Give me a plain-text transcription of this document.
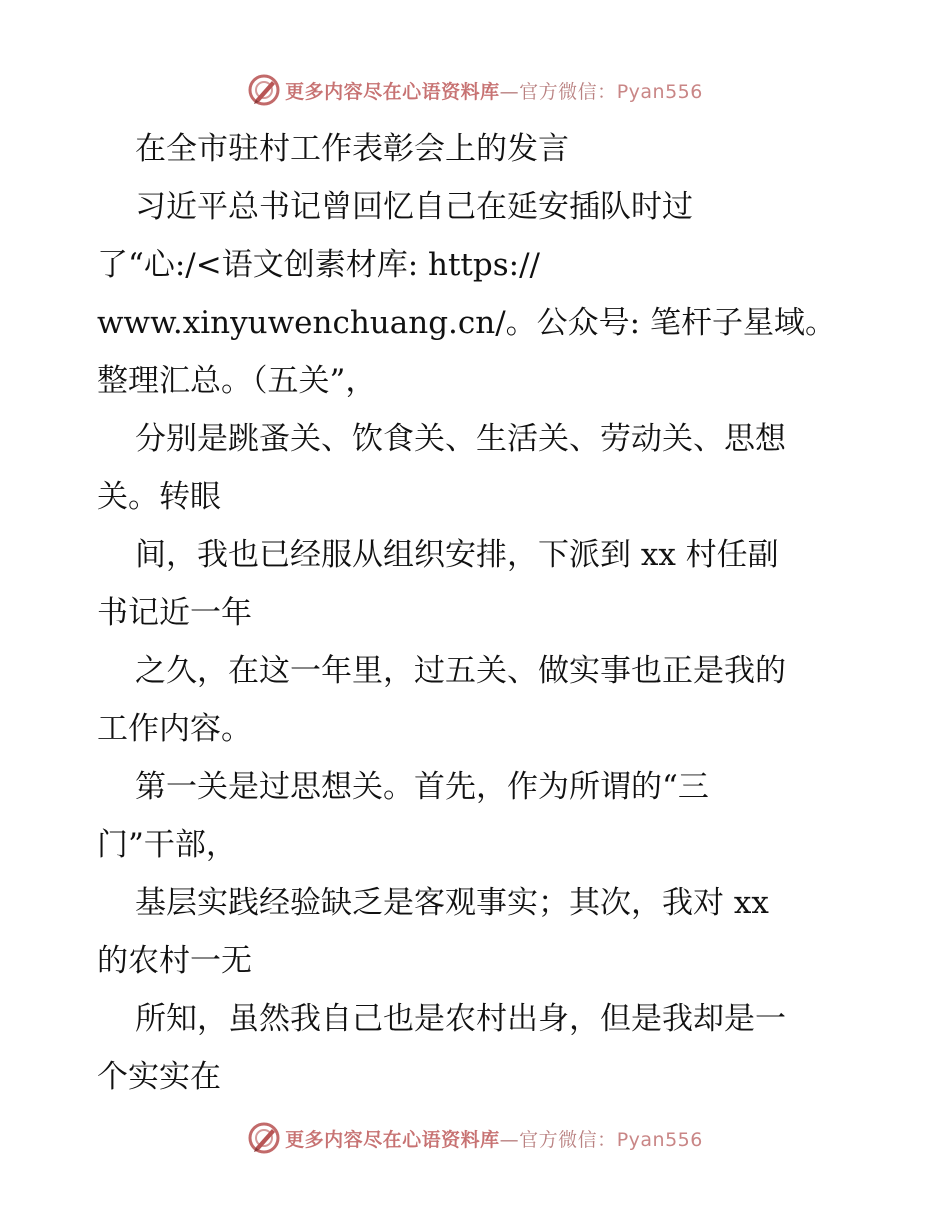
更多内容尽在心语资料库—官方微信：Pyan556
在全市驻村工作表彰会上的发言
习近平总书记曾回忆自己在延安插队时过
了“心:/<语文创素材库: https://
www.xinyuwenchuang.cn/。公众号: 笔杆子星域。
整理汇总。（五关”，
分别是跳蚤关、饮食关、生活关、劳动关、思想
关。转眼
间，我也已经服从组织安排，下派到 xx 村任副
书记近一年
之久，在这一年里，过五关、做实事也正是我的
工作内容。
第一关是过思想关。首先，作为所谓的“三
门”干部，
基层实践经验缺乏是客观事实；其次，我对 xx
的农村一无
所知，虽然我自己也是农村出身，但是我却是一
个实实在
更多内容尽在心语资料库—官方微信：Pyan556
